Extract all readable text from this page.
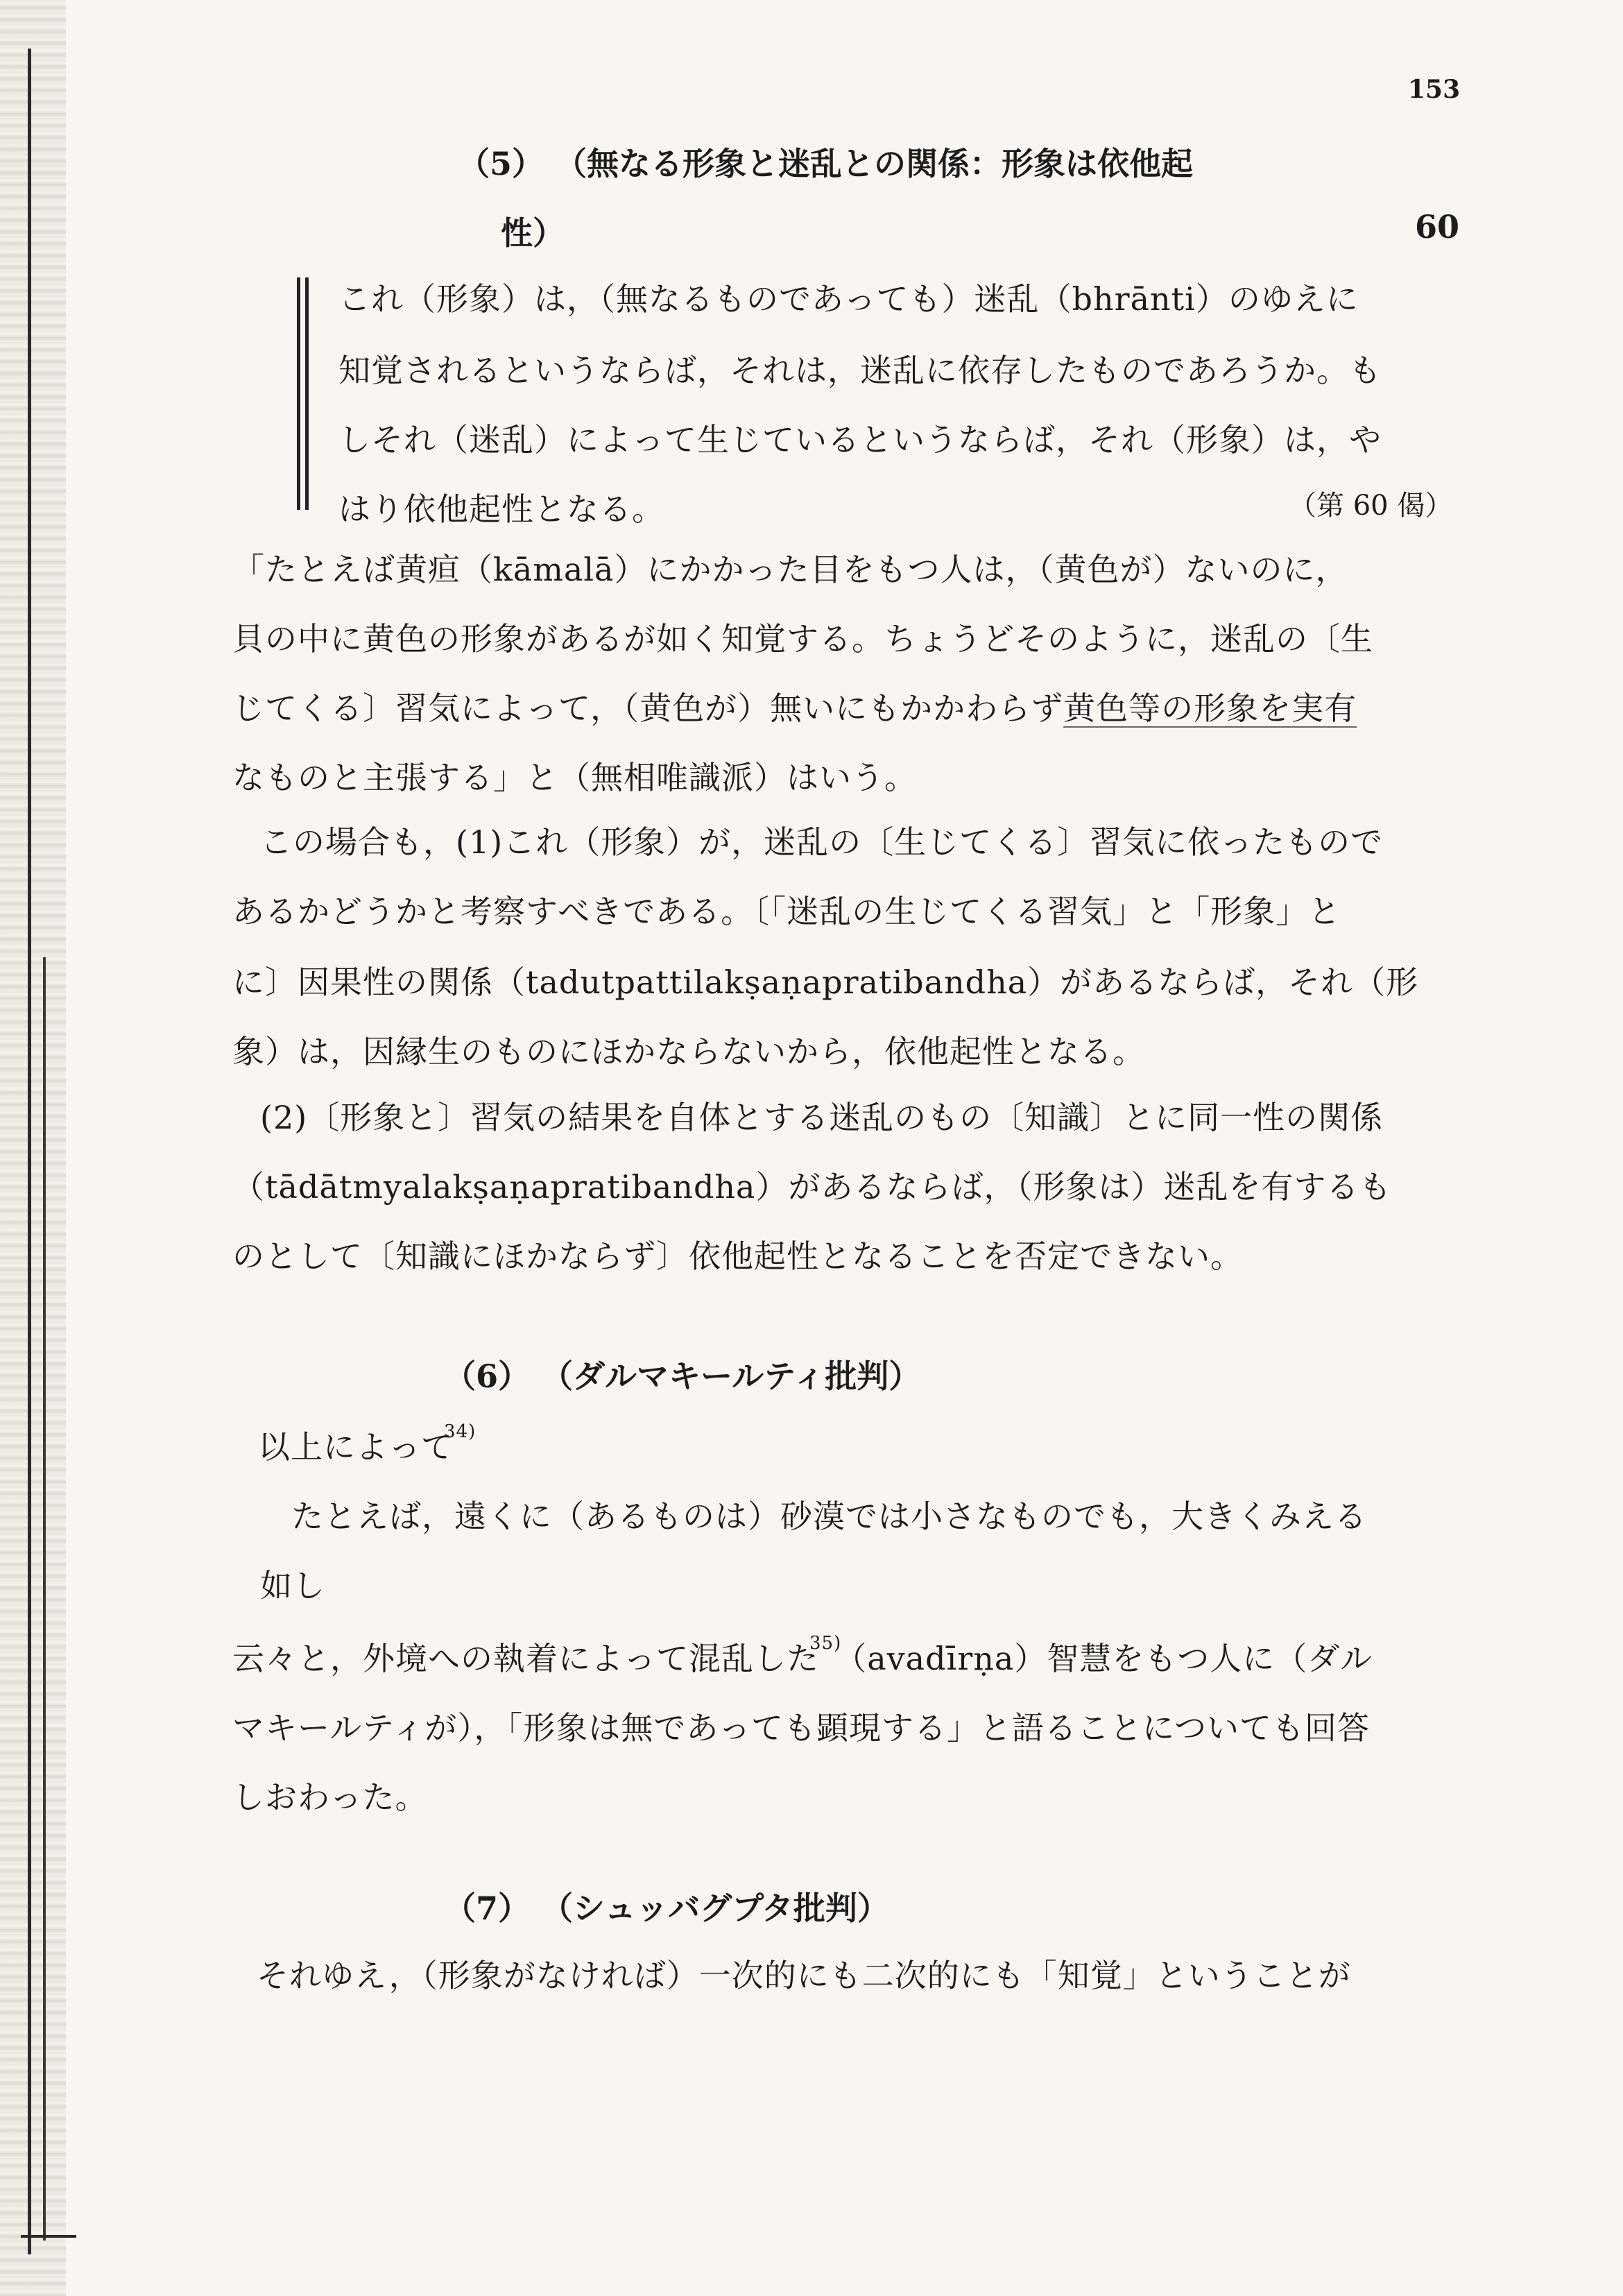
153
（5） （無なる形象と迷乱との関係：形象は依他起
性）	60
これ（形象）は，（無なるものであっても）迷乱（bhrānti）のゆえに
知覚されるというならば，それは，迷乱に依存したものであろうか。も
しそれ（迷乱）によって生じているというならば，それ（形象）は，や
はり依他起性となる。	（第 60 偈）
「たとえば黄疸（kāmalā）にかかった目をもつ人は，（黄色が）ないのに，
貝の中に黄色の形象があるが如く知覚する。ちょうどそのように，迷乱の〔生
じてくる〕習気によって，（黄色が）無いにもかかわらず黄色等の形象を実有
なものと主張する」と（無相唯識派）はいう。
この場合も，(1)これ（形象）が，迷乱の〔生じてくる〕習気に依ったもので
あるかどうかと考察すべきである。〔「迷乱の生じてくる習気」と「形象」と
に〕因果性の関係（tadutpattilakṣaṇapratibandha）があるならば，それ（形
象）は，因縁生のものにほかならないから，依他起性となる。
(2)〔形象と〕習気の結果を自体とする迷乱のもの〔知識〕とに同一性の関係
（tādātmyalakṣaṇapratibandha）があるならば，（形象は）迷乱を有するも
のとして〔知識にほかならず〕依他起性となることを否定できない。
（6） （ダルマキールティ批判）
以上によって$^{34)}$
たとえば，遠くに（あるものは）砂漠では小さなものでも，大きくみえる
如し
云々と，外境への執着によって混乱した$^{35)}$（avadīrṇa）智慧をもつ人に（ダル
マキールティが），「形象は無であっても顕現する」と語ることについても回答
しおわった。
（7） （シュッバグプタ批判）
それゆえ，（形象がなければ）一次的にも二次的にも「知覚」ということが
